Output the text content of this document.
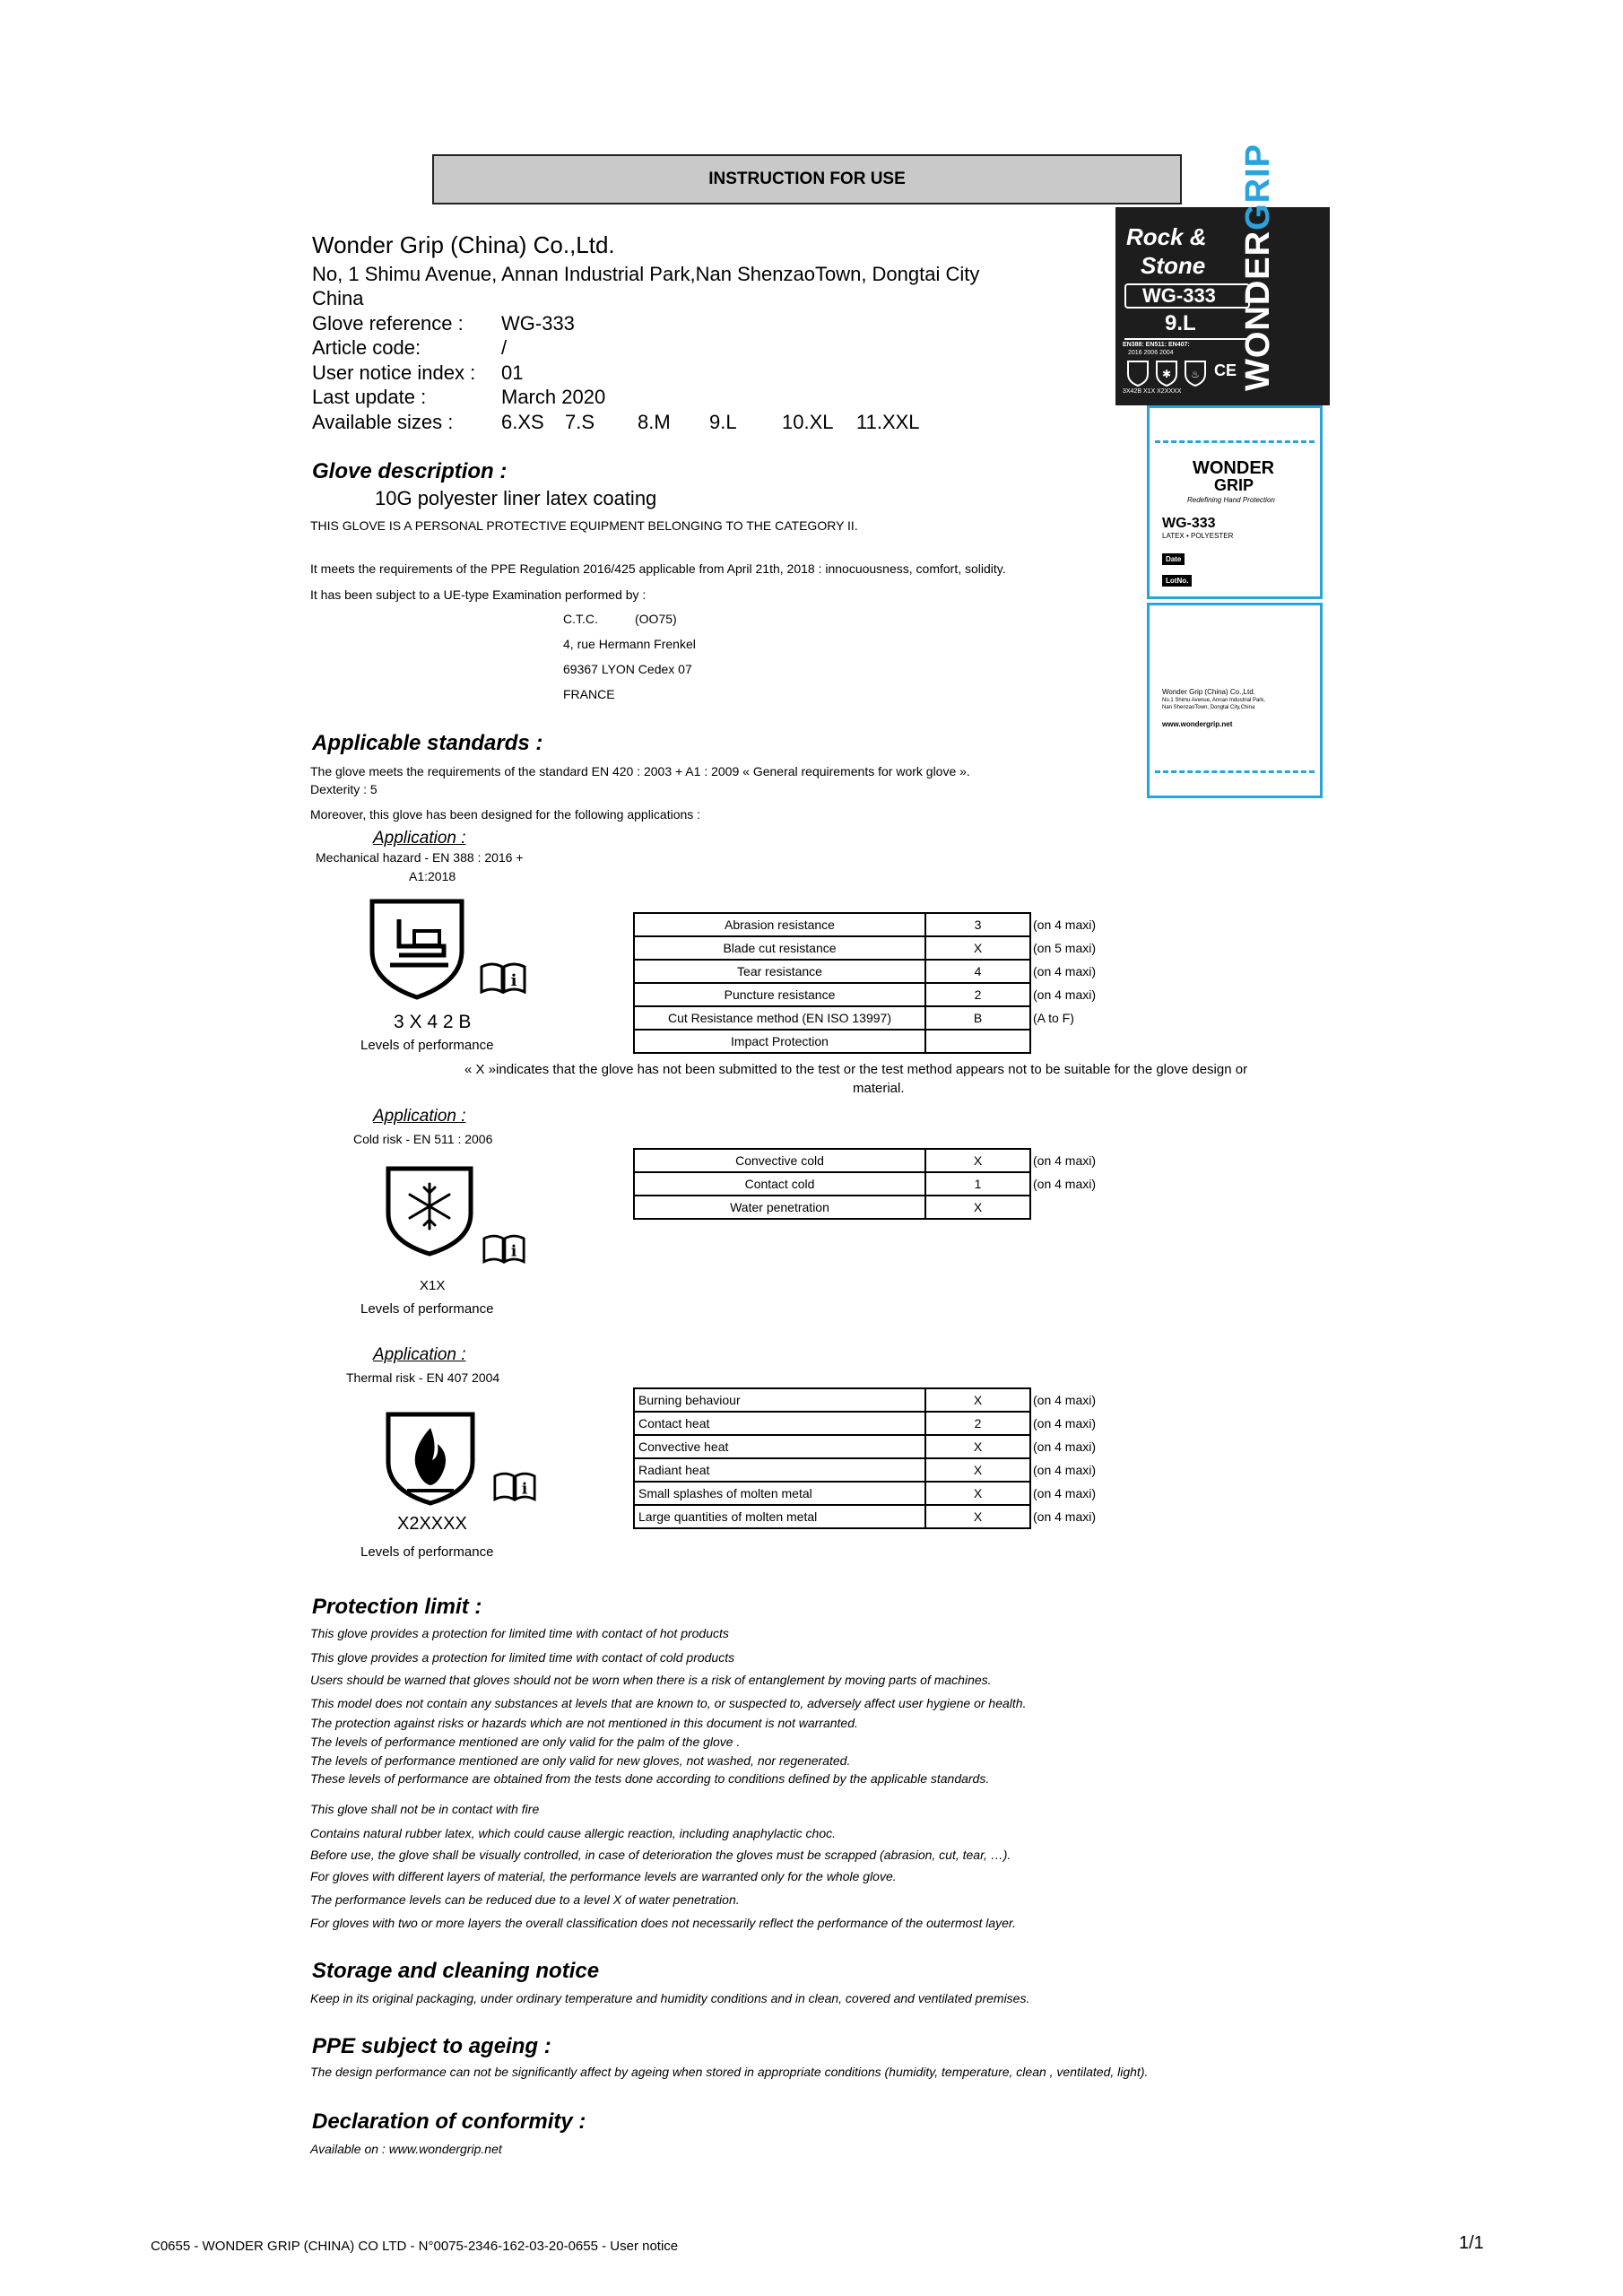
INSTRUCTION FOR USE
Wonder Grip (China) Co.,Ltd.
No, 1 Shimu Avenue, Annan Industrial Park,Nan ShenzaoTown, Dongtai City
China
Glove reference : WG-333
Article code:	/
User notice index : 01
Last update :	March 2020
Available sizes : 6.XS 7.S 8.M 9.L 10.XL 11.XXL
Rock &
Stone
WG-333
9.L
EN388: EN511: EN407:
2016 2006 2004
✱ ♨ CE
3X42B X1X X2XXXX
WONDERGRIP
WONDER
GRIP
Redefining Hand Protection
WG-333
LATEX • POLYESTER
Date
LotNo.
Wonder Grip (China) Co.,Ltd.
No.1 Shimu Avenue, Annan Industrial Park,
Nan ShenzaoTown, Dongtai City,China
www.wondergrip.net
Glove description :
10G polyester liner latex coating
THIS GLOVE IS A PERSONAL PROTECTIVE EQUIPMENT BELONGING TO THE CATEGORY II.
It meets the requirements of the PPE Regulation 2016/425 applicable from April 21th, 2018 : innocuousness, comfort, solidity.
It has been subject to a UE-type Examination performed by :
C.T.C.	(OO75)
4, rue Hermann Frenkel
69367 LYON Cedex 07
FRANCE
Applicable standards :
The glove meets the requirements of the standard EN 420 : 2003 + A1 : 2009 « General requirements for work glove ».
Dexterity : 5
Moreover, this glove has been designed for the following applications :
Application :
Mechanical hazard - EN 388 : 2016 +
A1:2018
i
3 X 4 2 B
Levels of performance
Abrasion resistance	3	(on 4 maxi)
Blade cut resistance	X	(on 5 maxi)
Tear resistance	4	(on 4 maxi)
Puncture resistance	2	(on 4 maxi)
Cut Resistance method (EN ISO 13997)	B	(A to F)
Impact Protection		
« X »indicates that the glove has not been submitted to the test or the test method appears not to be suitable for the glove design or
material.
Application :
Cold risk - EN 511 : 2006
i
X1X
Levels of performance
Convective cold	X	(on 4 maxi)
Contact cold	1	(on 4 maxi)
Water penetration	X	
Application :
Thermal risk - EN 407 2004
i
X2XXXX
Levels of performance
Burning behaviour	X	(on 4 maxi)
Contact heat	2	(on 4 maxi)
Convective heat	X	(on 4 maxi)
Radiant heat	X	(on 4 maxi)
Small splashes of molten metal	X	(on 4 maxi)
Large quantities of molten metal	X	(on 4 maxi)
Protection limit :
This glove provides a protection for limited time with contact of hot products
This glove provides a protection for limited time with contact of cold products
Users should be warned that gloves should not be worn when there is a risk of entanglement by moving parts of machines.
This model does not contain any substances at levels that are known to, or suspected to, adversely affect user hygiene or health.
The protection against risks or hazards which are not mentioned in this document is not warranted.
The levels of performance mentioned are only valid for the palm of the glove .
The levels of performance mentioned are only valid for new gloves, not washed, nor regenerated.
These levels of performance are obtained from the tests done according to conditions defined by the applicable standards.
This glove shall not be in contact with fire
Contains natural rubber latex, which could cause allergic reaction, including anaphylactic choc.
Before use, the glove shall be visually controlled, in case of deterioration the gloves must be scrapped (abrasion, cut, tear, …).
For gloves with different layers of material, the performance levels are warranted only for the whole glove.
The performance levels can be reduced due to a level X of water penetration.
For gloves with two or more layers the overall classification does not necessarily reflect the performance of the outermost layer.
Storage and cleaning notice
Keep in its original packaging, under ordinary temperature and humidity conditions and in clean, covered and ventilated premises.
PPE subject to ageing :
The design performance can not be significantly affect by ageing when stored in appropriate conditions (humidity, temperature, clean , ventilated, light).
Declaration of conformity :
Available on : www.wondergrip.net
C0655 - WONDER GRIP (CHINA) CO LTD - N°0075-2346-162-03-20-0655 - User notice	1/1
